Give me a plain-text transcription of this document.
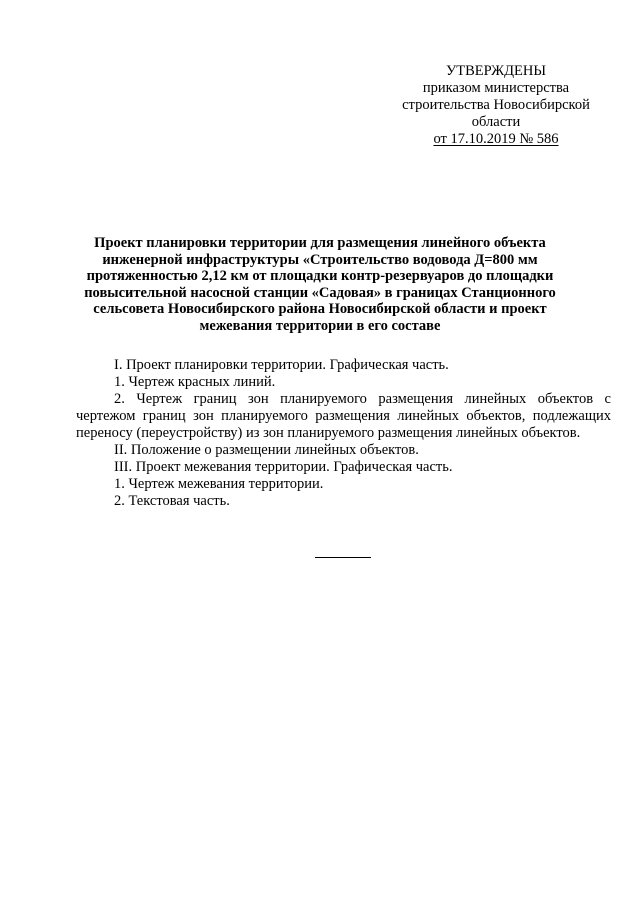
УТВЕРЖДЕНЫ
приказом министерства
строительства Новосибирской
области
от 17.10.2019 № 586
Проект планировки территории для размещения линейного объекта
инженерной инфраструктуры «Строительство водовода Д=800 мм
протяженностью 2,12 км от площадки контр-резервуаров до площадки
повысительной насосной станции «Садовая» в границах Станционного
сельсовета Новосибирского района Новосибирской области и проект
межевания территории в его составе
I. Проект планировки территории. Графическая часть.
1. Чертеж красных линий.
2. Чертеж границ зон планируемого размещения линейных объектов с
чертежом границ зон планируемого размещения линейных объектов, подлежащих
переносу (переустройству) из зон планируемого размещения линейных объектов.
II. Положение о размещении линейных объектов.
III. Проект межевания территории. Графическая часть.
1. Чертеж межевания территории.
2. Текстовая часть.
